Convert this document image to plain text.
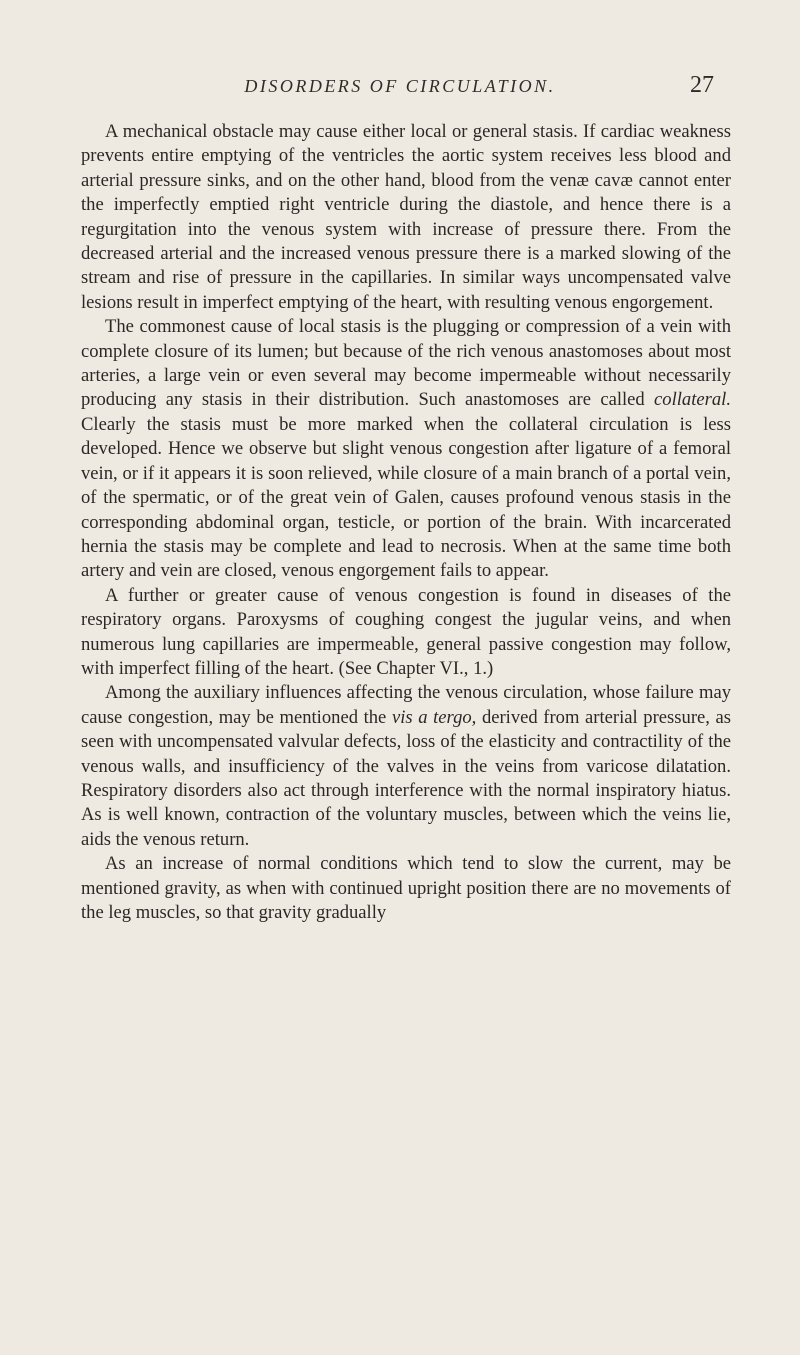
DISORDERS OF CIRCULATION.	27

A mechanical obstacle may cause either local or general stasis. If cardiac weakness prevents entire emptying of the ventricles the aortic system receives less blood and arterial pressure sinks, and on the other hand, blood from the venæ cavæ cannot enter the imperfectly emptied right ventricle during the diastole, and hence there is a regurgitation into the venous system with increase of pressure there. From the decreased arterial and the increased venous pressure there is a marked slowing of the stream and rise of pressure in the capillaries. In similar ways uncompensated valve lesions result in imperfect emptying of the heart, with resulting venous engorgement.

The commonest cause of local stasis is the plugging or compression of a vein with complete closure of its lumen; but because of the rich venous anastomoses about most arteries, a large vein or even several may become impermeable without necessarily producing any stasis in their distribution. Such anastomoses are called collateral. Clearly the stasis must be more marked when the collateral circulation is less developed. Hence we observe but slight venous congestion after ligature of a femoral vein, or if it appears it is soon relieved, while closure of a main branch of a portal vein, of the spermatic, or of the great vein of Galen, causes profound venous stasis in the corresponding abdominal organ, testicle, or portion of the brain. With incarcerated hernia the stasis may be complete and lead to necrosis. When at the same time both artery and vein are closed, venous engorgement fails to appear.

A further or greater cause of venous congestion is found in diseases of the respiratory organs. Paroxysms of coughing congest the jugular veins, and when numerous lung capillaries are impermeable, general passive congestion may follow, with imperfect filling of the heart. (See Chapter VI., 1.)

Among the auxiliary influences affecting the venous circulation, whose failure may cause congestion, may be mentioned the vis a tergo, derived from arterial pressure, as seen with uncompensated valvular defects, loss of the elasticity and contractility of the venous walls, and insufficiency of the valves in the veins from varicose dilatation. Respiratory disorders also act through interference with the normal inspiratory hiatus. As is well known, contraction of the voluntary muscles, between which the veins lie, aids the venous return.

As an increase of normal conditions which tend to slow the current, may be mentioned gravity, as when with continued upright position there are no movements of the leg muscles, so that gravity gradually
